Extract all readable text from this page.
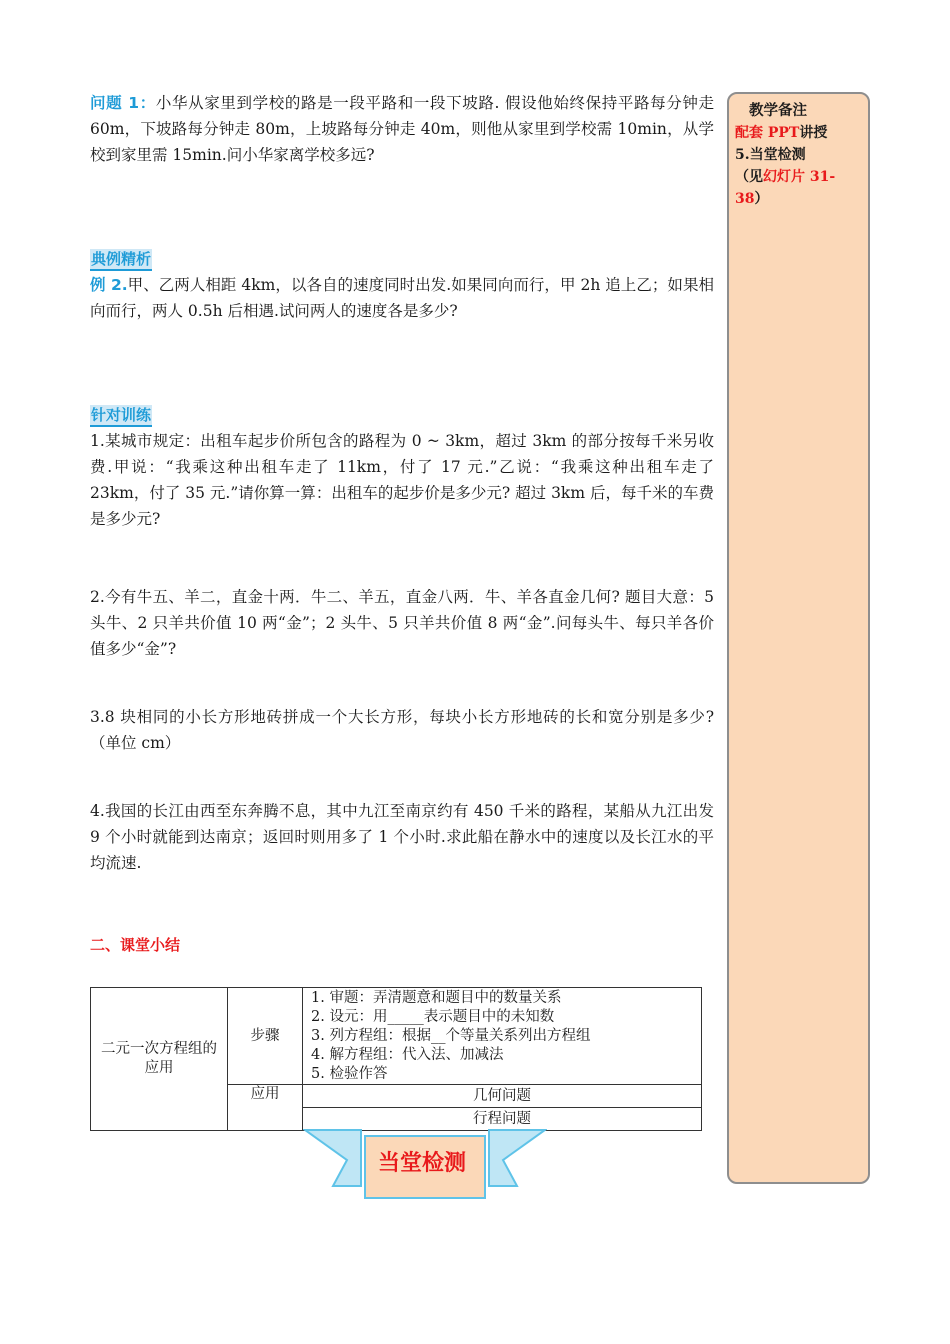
问题 1：小华从家里到学校的路是一段平路和一段下坡路. 假设他始终保持平路每分钟走 60m，下坡路每分钟走 80m，上坡路每分钟走 40m，则他从家里到学校需 10min，从学校到家里需 15min.问小华家离学校多远?

典例精析

例 2.甲、乙两人相距 4km，以各自的速度同时出发.如果同向而行，甲 2h 追上乙；如果相向而行，两人 0.5h 后相遇.试问两人的速度各是多少?

针对训练

1.某城市规定：出租车起步价所包含的路程为 0 ~ 3km，超过 3km 的部分按每千米另收费.甲说：“我乘这种出租车走了 11km，付了 17 元.”乙说：“我乘这种出租车走了 23km，付了 35 元.”请你算一算：出租车的起步价是多少元? 超过 3km 后，每千米的车费是多少元?

2.今有牛五、羊二，直金十两．牛二、羊五，直金八两．牛、羊各直金几何? 题目大意：5 头牛、2 只羊共价值 10 两“金”；2 头牛、5 只羊共价值 8 两“金”.问每头牛、每只羊各价值多少“金”?

3.8 块相同的小长方形地砖拼成一个大长方形，每块小长方形地砖的长和宽分别是多少?（单位 cm）

4.我国的长江由西至东奔腾不息，其中九江至南京约有 450 千米的路程，某船从九江出发 9 个小时就能到达南京；返回时则用多了 1 个小时.求此船在静水中的速度以及长江水的平均流速.

二、课堂小结
二元一次方程组的应用	步骤	1. 审题：弄清题意和题目中的数量关系
2. 设元：用_____表示题目中的未知数
3. 列方程组：根据__个等量关系列出方程组
4. 解方程组：代入法、加减法
5. 检验作答

	应用	几何问题
		行程问题
当堂检测
教学备注
配套 PPT讲授
5.当堂检测
（见幻灯片 31-38）
